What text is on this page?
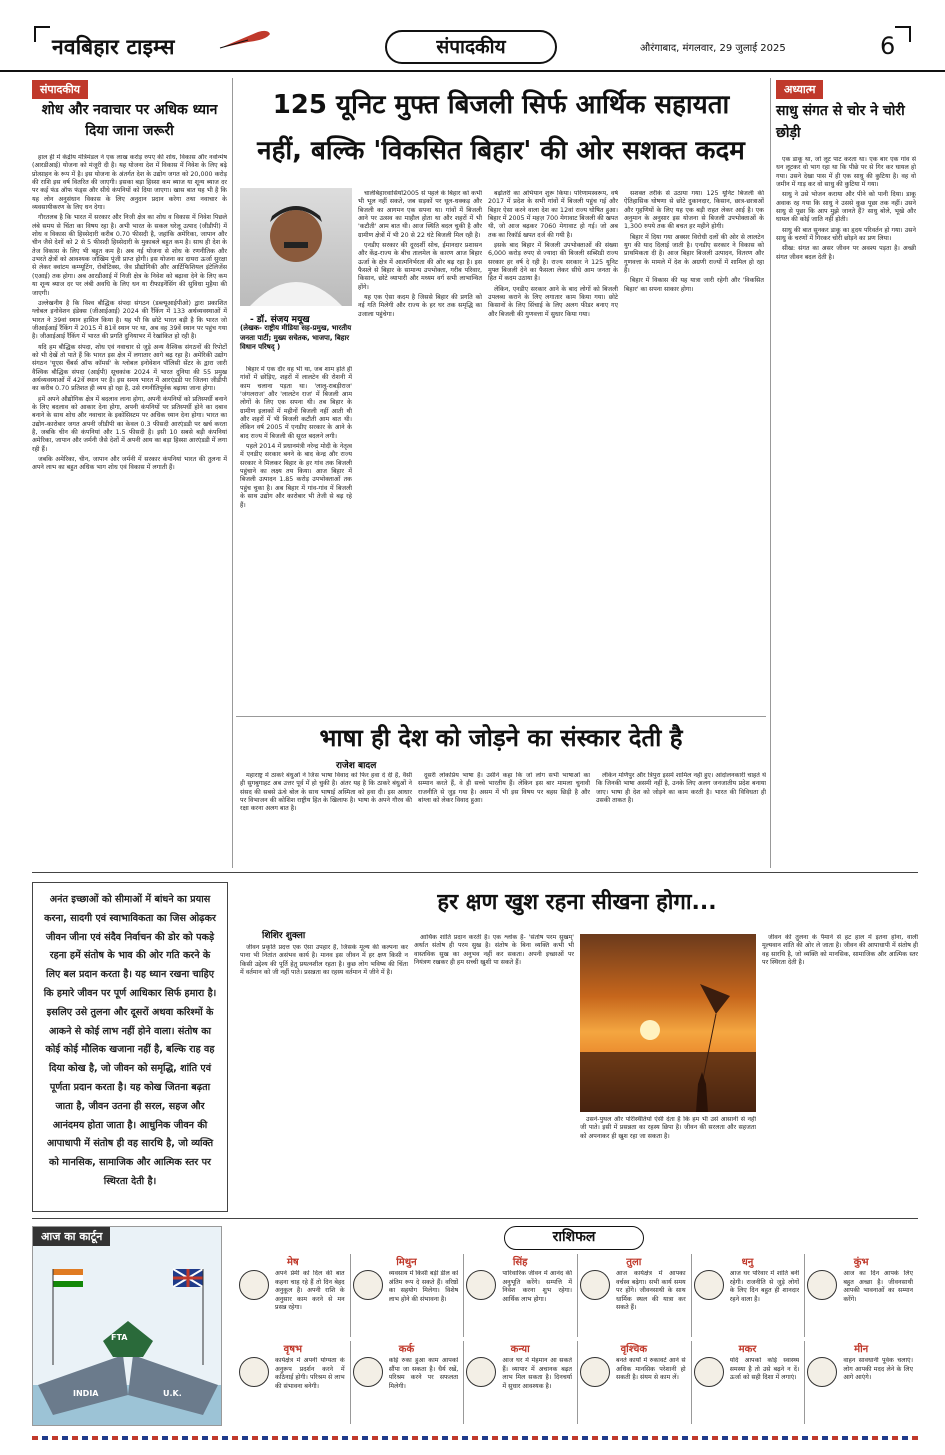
नवबिहार टाइम्स	संपादकीय	औरंगाबाद, मंगलवार, 29 जुलाई 2025	6
संपादकीय
शोध और नवाचार पर अधिक ध्यान दिया जाना जरूरी

हाल ही में केंद्रीय मंत्रिमंडल ने एक लाख करोड़ रुपए की शोध, विकास और नवोन्मेष (आरडीआई) योजना को मंजूरी दी है। यह योजना देश में विकास में निवेश के लिए बढ़े प्रोत्साहन के रूप में है। इस योजना के अंतर्गत देश के उद्योग जगत को 20,000 करोड़ की राशि इस वर्ष वितरित की जाएगी। इसका बड़ा हिस्सा कम ब्याज या शून्य ब्याज दर पर कई फंड ऑफ फंड्स और सीधे कंपनियों को दिया जाएगा। खास बात यह भी है कि यह लोन अनुसंधान विकास के लिए अनुदान प्रदान करेगा तथा नवाचार के व्यवसायीकरण के लिए धन देगा।

गौरतलब है कि भारत में सरकार और निजी क्षेत्र का शोध व विकास में निवेश पिछले लंबे समय से चिंता का विषय रहा है। अभी भारत के सकल घरेलू उत्पाद (जीडीपी) में शोध व विकास की हिस्सेदारी करीब 0.70 फीसदी है, जहांकि अमेरिका, जापान और चीन जैसे देशों को 2 से 5 फीसदी हिस्सेदारी के मुकाबले बहुत कम है। साथ ही देश के तेज विकास के लिए भी बहुत कम है। अब नई योजना से शोध के रणनीतिक और उभरते क्षेत्रों को आवश्यक जोखिम पूंजी प्राप्त होगी। इस योजना का दायरा ऊर्जा सुरक्षा से लेकर क्वांटम कम्प्यूटिंग, रोबोटिक्स, जैव प्रौद्योगिकी और आर्टिफिशियल इंटेलिजेंस (एआई) तक होगा। अब आरडीआई में निजी क्षेत्र के निवेश को बढ़ावा देने के लिए कम या शून्य ब्याज दर पर लंबी अवधि के लिए धन या रीफाइनेंसिंग की सुविधा मुहैया की जाएगी।

उल्लेखनीय है कि विश्व बौद्धिक संपदा संगठन (डब्ल्यूआईपीओ) द्वारा प्रकाशित ग्लोबल इनोवेशन इंडेक्स (जीआईआई) 2024 की रैंकिंग में 133 अर्थव्यवस्थाओं में भारत ने 39वां स्थान हासिल किया है। यह भी कि छोटे भारत बड़ी है कि भारत जो जीआईआई रैंकिंग में 2015 में 81वें स्थान पर था, अब वह 39वें स्थान पर पहुंच गया है। जीआईआई रैंकिंग में भारत की प्रगति दुनियाभर में रेखांकित हो रही है।

यदि हम बौद्धिक संपदा, शोध एवं नवाचार से जुड़े अन्य वैश्विक संगठनों की रिपोर्टों को भी देखें तो पाते हैं कि भारत इस क्षेत्र में लगातार आगे बढ़ रहा है। अमेरिकी उद्योग संगठन 'यूएस चैंबर्स ऑफ कॉमर्स' के ग्लोबल इनोवेशन पॉलिसी सेंटर के द्वारा जारी वैश्विक बौद्धिक संपदा (आईपी) सूचकांक 2024 में भारत दुनिया की 55 प्रमुख अर्थव्यवस्थाओं में 42वें स्थान पर है। इस समय भारत में आरएंडडी पर जितना जीडीपी का करीब 0.70 प्रतिशत ही व्यय हो रहा है, उसे रणनीतिपूर्वक बढ़ाया जाना होगा।

हमें अपने औद्योगिक क्षेत्र में बदलाव लाना होगा, अपनी कंपनियों को प्रतिस्पर्धी बनाने के लिए बदलाव को आकार देना होगा, अपनी कंपनियों पर प्रतिस्पर्धी होने का दबाव बनाने के साथ शोध और नवाचार के इकोसिस्टम पर अधिक ध्यान देना होगा। भारत का उद्योग-कारोबार जगत अपनी जीडीपी का केवल 0.3 फीसदी आरएंडडी पर खर्च करता है, जबकि चीन की कंपनियां और 1.5 फीसदी है। इसी 10 सबसे बड़ी कंपनियां अमेरिका, जापान और जर्मनी जैसे देशों में अपनी आय का बड़ा हिस्सा आरएंडडी में लगा रही हैं।

जबकि अमेरिका, चीन, जापान और जर्मनी में सरकार कंपनियां भारत की तुलना में अपने लाभ का बहुत अधिक भाग शोध एवं विकास में लगाती हैं।

125 यूनिट मुफ्त बिजली सिर्फ आर्थिक सहायता
नहीं, बल्कि 'विकसित बिहार' की ओर सशक्त कदम
- डॉ. संजय मयूख
(लेखक- राष्ट्रीय मीडिया सह-प्रमुख, भारतीय जनता पार्टी; मुख्य सचेतक, भाजपा, बिहार विधान परिषद् )

बिहार में एक दौर वह भी था, जब शाम होते ही गांवों में छोड़िए, शहरों में लालटेन की रोशनी में काम चलाना पड़ता था। 'लालू-राबड़ीराज' 'जंगलराज' और 'लालटेन राज' में बिजली आम लोगों के लिए एक सपना थी। तब बिहार के ग्रामीण इलाकों में महीनों बिजली नहीं आती थी और शहरों में भी बिजली कटौती आम बात थी। लेकिन वर्ष 2005 में एनडीए सरकार के आने के बाद राज्य में बिजली की सूरत बदलने लगी।

पहले 2014 में प्रधानमंत्री नरेन्द्र मोदी के नेतृत्व में एनडीए सरकार बनने के बाद केन्द्र और राज्य सरकार ने मिलकर बिहार के हर गांव तक बिजली पहुंचाने का लक्ष्य तय किया। आज बिहार में बिजली उत्पादन 1.85 करोड़ उपभोक्ताओं तक पहुंच चुका है। अब बिहार में गांव-गांव में बिजली के साथ उद्योग और कारोबार भी तेजी से बढ़ रहे हैं।

चालेबिहारवासियों2005 से पहले के बिहार को कभी भी भूल नहीं सकते, जब सड़कों पर धूल-धक्कड़ और बिजली का आगमन एक सपना था। गांवों में बिजली आने पर उत्सव का माहौल होता था और शहरों में भी 'कटौती' आम बात थी। आज स्थिति बदल चुकी है और ग्रामीण क्षेत्रों में भी 20 से 22 घंटे बिजली मिल रही है।

एनडीए सरकार की दूरदर्शी सोच, ईमानदार प्रशासन और केंद्र-राज्य के बीच तालमेल के कारण आज बिहार ऊर्जा के क्षेत्र में आत्मनिर्भरता की ओर बढ़ रहा है। इस फैसले से बिहार के सामान्य उपभोक्ता, गरीब परिवार, किसान, छोटे व्यापारी और मध्यम वर्ग सभी लाभान्वित होंगे।

यह एक ऐसा कदम है जिससे बिहार की प्रगति को नई गति मिलेगी और राज्य के हर घर तक समृद्धि का उजाला पहुंचेगा।

बढ़ोतरी का अभियान शुरू किया। परिणामस्वरूप, वर्ष 2017 में प्रदेश के सभी गांवों में बिजली पहुंच गई और बिहार ऐसा करने वाला देश का 12वां राज्य घोषित हुआ। बिहार में 2005 में महज़ 700 मेगावाट बिजली की खपत थी, जो आज बढ़कर 7060 मेगावाट हो गई। जो अब तक का रिकॉर्ड खपत दर्ज की गयी है।

इसके बाद बिहार में बिजली उपभोक्ताओं की संख्या 6,000 करोड़ रुपए से ज्यादा की बिजली सब्सिडी राज्य सरकार हर वर्ष दे रही है। राज्य सरकार ने 125 यूनिट मुफ्त बिजली देने का फैसला लेकर सीधे आम जनता के हित में कदम उठाया है।

लेकिन, एनडीए सरकार आने के बाद लोगों को बिजली उपलब्ध कराने के लिए लगातार काम किया गया। छोटे किसानों के लिए सिंचाई के लिए अलग फीडर बनाए गए और बिजली की गुणवत्ता में सुधार किया गया।

सशक्त तरीके से उठाया गया। 125 यूनिट बिजली की ऐतिहासिक घोषणा से छोटे दुकानदार, किसान, छात्र-छात्राओं और गृहणियों के लिए यह एक बड़ी राहत लेकर आई है। एक अनुमान के अनुसार इस योजना से बिजली उपभोक्ताओं के 1,300 रुपये तक की बचत हर महीने होगी।

बिहार में दिया गया अक्सर विरोधी दलों की ओर से लालटेन युग की याद दिलाई जाती है। एनडीए सरकार ने विकास को प्राथमिकता दी है। आज बिहार बिजली उत्पादन, वितरण और गुणवत्ता के मामले में देश के अग्रणी राज्यों में शामिल हो रहा है।

बिहार में विकास की यह यात्रा जारी रहेगी और 'विकसित बिहार' का सपना साकार होगा।

अध्यात्म
साधु संगत से चोर ने चोरी छोड़ी

एक डाकू था, जो लूट पाट करता था। एक बार एक गांव से धन लूटकर वो भाग रहा था कि पीछे पर से गिर कर घायल हो गया। उसने देखा पास में ही एक साधु की कुटिया है। वह वो जमीन में गाड़ कर वो साधु की कुटिया में गया।

साधु ने उसे भोजन कराया और पीने को पानी दिया। डाकू अवाक रह गया कि साधु ने उससे कुछ पूछा तक नहीं। उसने साधु से पूछा कि आप मुझे जानते हैं? साधु बोले, भूखे और घायल की कोई जाति नहीं होती।

साधु की बात सुनकर डाकू का हृदय परिवर्तन हो गया। उसने साधु के चरणों में गिरकर चोरी छोड़ने का प्रण लिया।

सीख: संगत का असर जीवन पर अवश्य पड़ता है। अच्छी संगत जीवन बदल देती है।

भाषा ही देश को जोड़ने का संस्कार देती है
राजेश बादल

महाराष्ट्र में ठाकरे बंधुओं ने जिस भाषा विवाद को फिर हवा दे दी है, वैसी ही सुगबुगाहट अब उत्तर पूर्व में हो चुकी है। अंतर यह है कि ठाकरे बंधुओं ने संसद की सबसे ऊंचे बोल के साथ भाषाई अस्मिता को हवा दी। इस आधार पर विभाजन की कोशिश राष्ट्रीय हित के खिलाफ है। भाषा के अपने गौरव की रक्षा करना अलग बात है।

दूसरी लोकप्रिय भाषा है। उसीने कहा कि जो लोग सभी भाषाओं का सम्मान करते हैं, वे ही सच्चे भारतीय हैं। लेकिन इस बार मामला चुनावी राजनीति से जुड़ गया है। असम में भी इस विषय पर बहस छिड़ी है और बांग्ला को लेकर विवाद हुआ।

लेकिन मणिपुर और त्रिपुरा इसमें शामिल नहीं हुए। आंदोलनकारी चाहते थे कि जिनकी भाषा असमी नहीं है, उनके लिए अलग जनजातीय प्रदेश बनाया जाए। भाषा ही देश को जोड़ने का काम करती है। भारत की विविधता ही उसकी ताकत है।

अनंत इच्छाओं को सीमाओं में बांधने का प्रयास करना, सादगी एवं स्वाभाविकता का जिस ओढ़कर जीवन जीना एवं संदैव निर्वाचन की डोर को पकड़े रहना हमें संतोष के भाव की ओर गति करने के लिए बल प्रदान करता है। यह ध्यान रखना चाहिए कि हमारे जीवन पर पूर्ण आधिकार सिर्फ हमारा है। इसलिए उसे तुलना और दूसरों अथवा करिश्मों के आकने से कोई लाभ नहीं होने वाला। संतोष का कोई कोई मौलिक खजाना नहीं है, बल्कि राह वह दिया कोख है, जो जीवन को समृद्धि, शांति एवं पूर्णता प्रदान करता है। यह कोख जितना बढ़ता जाता है, जीवन उतना ही सरल, सहज और आनंदमय होता जाता है। आधुनिक जीवन की आपाधापी में संतोष ही वह सारथि है, जो व्यक्ति को मानसिक, सामाजिक और आत्मिक स्तर पर स्थिरता देती है।
हर क्षण खुश रहना सीखना होगा...
शिशिर शुक्ला

जीवन प्रकृति प्रदत्त एक ऐसा उपहार है, जिसके मूल्य की कल्पना कर पाना भी नितांत असंभव कार्य है। मानव इस जीवन में हर क्षण किसी न किसी उद्देश्य की पूर्ति हेतु प्रयत्नशील रहता है। कुछ लोग भविष्य की चिंता में वर्तमान को जी नहीं पाते। प्रसन्नता का रहस्य वर्तमान में जीने में है।

आर्थिक शांति प्रदान करती है। एक श्लोक है- 'संतोष परम सुखम्' अर्थात संतोष ही परम सुख है। संतोष के बिना व्यक्ति कभी भी वास्तविक सुख का अनुभव नहीं कर सकता। अपनी इच्छाओं पर नियंत्रण रखकर ही हम सच्ची खुशी पा सकते हैं।

उसने-पुथल और परिस्थितियों ऐसी देता है कि हम भी उसे आसानी से नहीं जी पाते। इसी में प्रसन्नता का रहस्य छिपा है। जीवन की सरलता और सहजता को अपनाकर ही खुश रहा जा सकता है।

जीवन की तुलना के पैमाने से हट हाल में इतना होना, वाली मूल्यवान शांति की ओर ले जाता है। जीवन की आपाधापी में संतोष ही वह सारथि है, जो व्यक्ति को मानसिक, सामाजिक और आत्मिक स्तर पर स्थिरता देती है।

आज का कार्टून
FTA
INDIA	U.K.
राशिफल
मेष
अपने प्रेमी को दिल की बात कहना चाह रहे हैं तो दिन बेहद अनुकूल है। अपनी राशि के अनुसार काम करने से मन प्रसन्न रहेगा।
मिथुन
व्यवसाय में किसी बड़ी डील को अंतिम रूप दे सकते हैं। वरिष्ठों का सहयोग मिलेगा। विशेष लाभ होने की संभावना है।
सिंह
पारिवारिक जीवन में आनंद की अनुभूति करेंगे। सम्पत्ति में निवेश करना शुभ रहेगा। आर्थिक लाभ होगा।
तुला
आज कार्यक्षेत्र में आपका वर्चस्व बढ़ेगा। सभी कार्य समय पर होंगे। जीवनसाथी के साथ धार्मिक स्थल की यात्रा कर सकते हैं।
धनु
आज घर परिवार में शांति बनी रहेगी। राजनीति से जुड़े लोगों के लिए दिन बहुत ही शानदार रहने वाला है।
कुंभ
आज का दिन आपके लिए बहुत अच्छा है। जीवनसाथी आपकी भावनाओं का सम्मान करेंगे।
वृषभ
कार्यक्षेत्र में अपनी योग्यता के अनुरूप प्रदर्शन करने में कठिनाई होगी। परिश्रम से लाभ की संभावना बनेगी।
कर्क
कोई रुका हुआ काम आपको सौंपा जा सकता है। धैर्य रखें, परिश्रम करने पर सफलता मिलेगी।
कन्या
आज घर में मेहमान आ सकते हैं। व्यापार में अचानक बढ़त लाभ मिल सकता है। दिनचर्या में सुधार आवश्यक है।
वृश्चिक
बनते कार्यों में रुकावटें आने से अधिक मानसिक परेशानी हो सकती है। संयम से काम लें।
मकर
यदि आपको कोई स्वास्थ्य समस्या है तो उसे बढ़ने न दें। ऊर्जा को सही दिशा में लगाएं।
मीन
वाहन सावधानी पूर्वक चलाएं। लोग आपकी मदद लेने के लिए आगे आएंगे।
